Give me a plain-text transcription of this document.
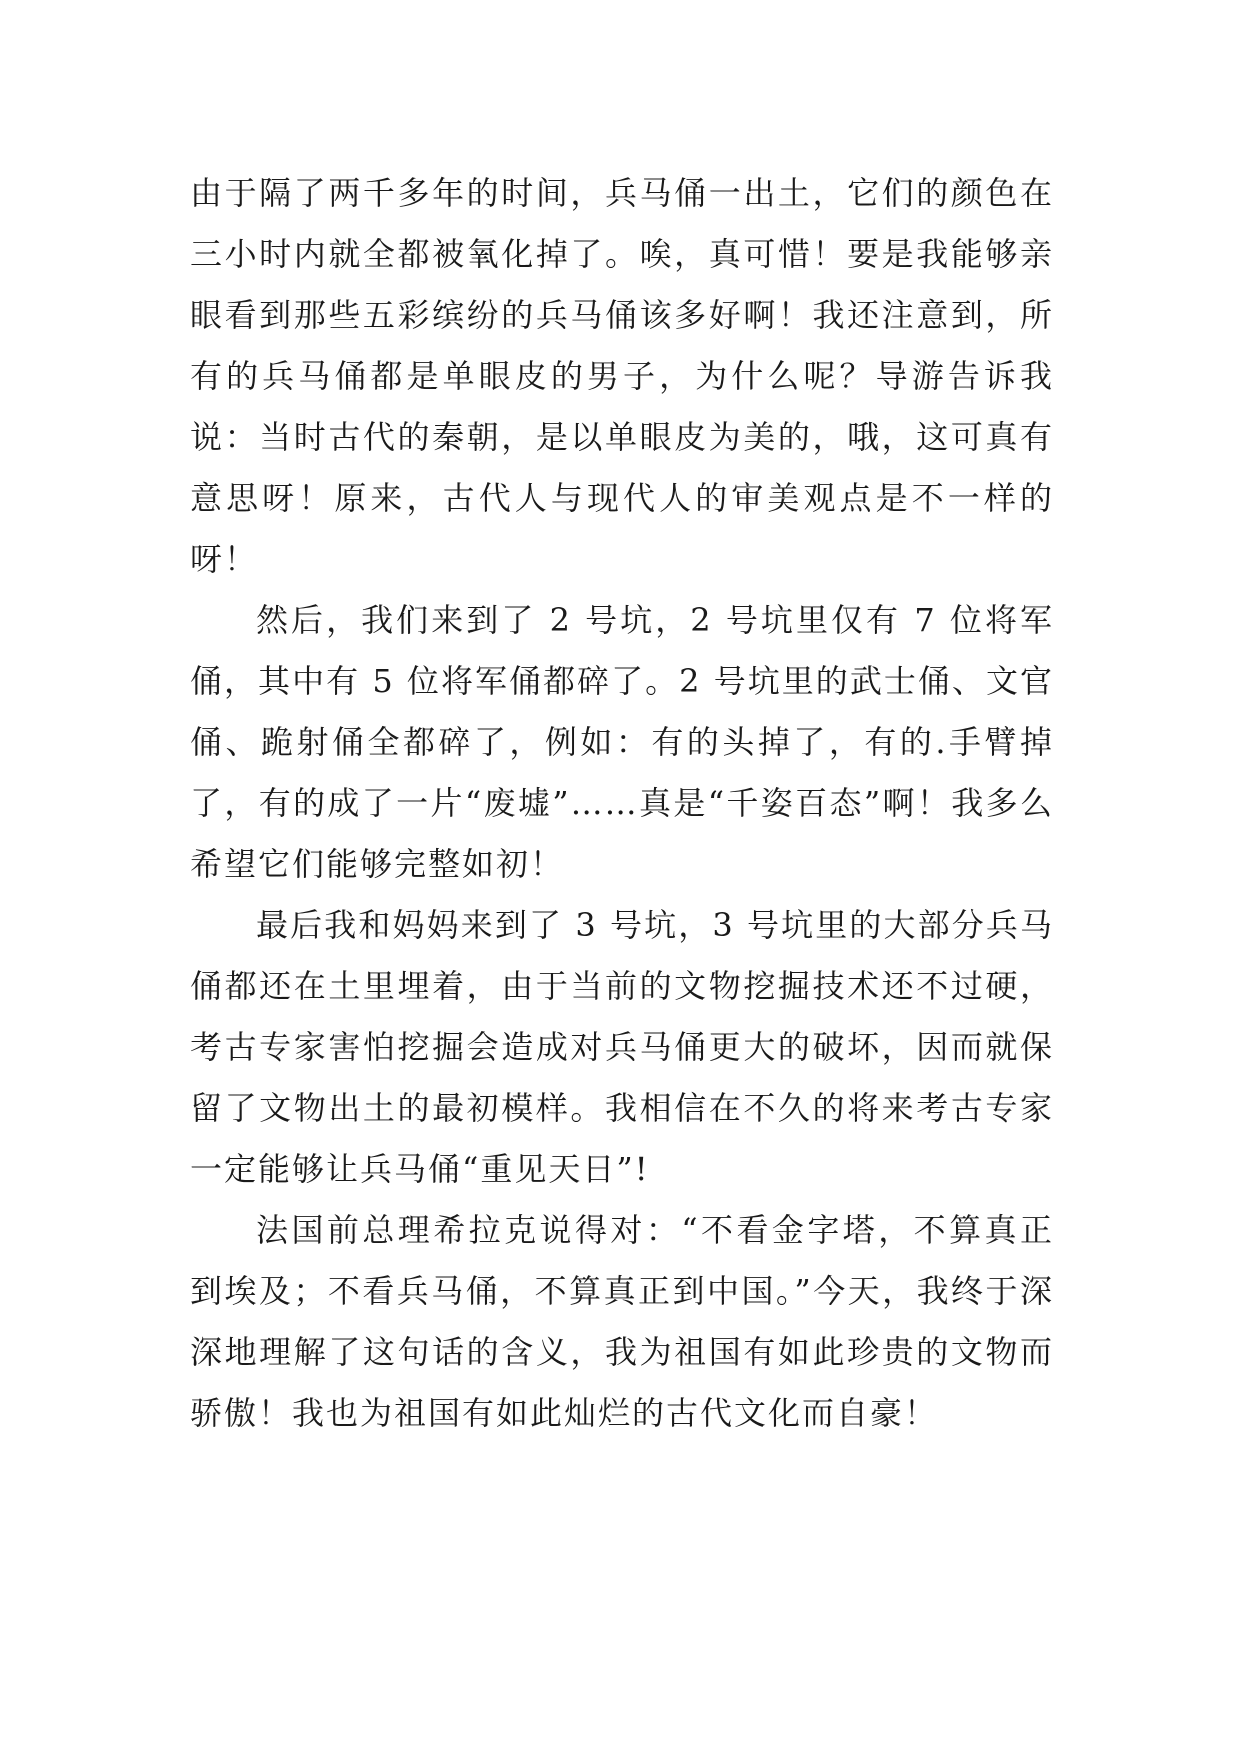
由于隔了两千多年的时间，兵马俑一出土，它们的颜色在三小时内就全都被氧化掉了。唉，真可惜！要是我能够亲眼看到那些五彩缤纷的兵马俑该多好啊！我还注意到，所有的兵马俑都是单眼皮的男子，为什么呢？导游告诉我说：当时古代的秦朝，是以单眼皮为美的，哦，这可真有意思呀！原来，古代人与现代人的审美观点是不一样的呀！

然后，我们来到了 2 号坑，2 号坑里仅有 7 位将军俑，其中有 5 位将军俑都碎了。2 号坑里的武士俑、文官俑、跪射俑全都碎了，例如：有的头掉了，有的.手臂掉了，有的成了一片“废墟”……真是“千姿百态”啊！我多么希望它们能够完整如初！

最后我和妈妈来到了 3 号坑，3 号坑里的大部分兵马俑都还在土里埋着，由于当前的文物挖掘技术还不过硬，考古专家害怕挖掘会造成对兵马俑更大的破坏，因而就保留了文物出土的最初模样。我相信在不久的将来考古专家一定能够让兵马俑“重见天日”!

法国前总理希拉克说得对：“不看金字塔，不算真正到埃及；不看兵马俑，不算真正到中国。”今天，我终于深深地理解了这句话的含义，我为祖国有如此珍贵的文物而骄傲！我也为祖国有如此灿烂的古代文化而自豪！
